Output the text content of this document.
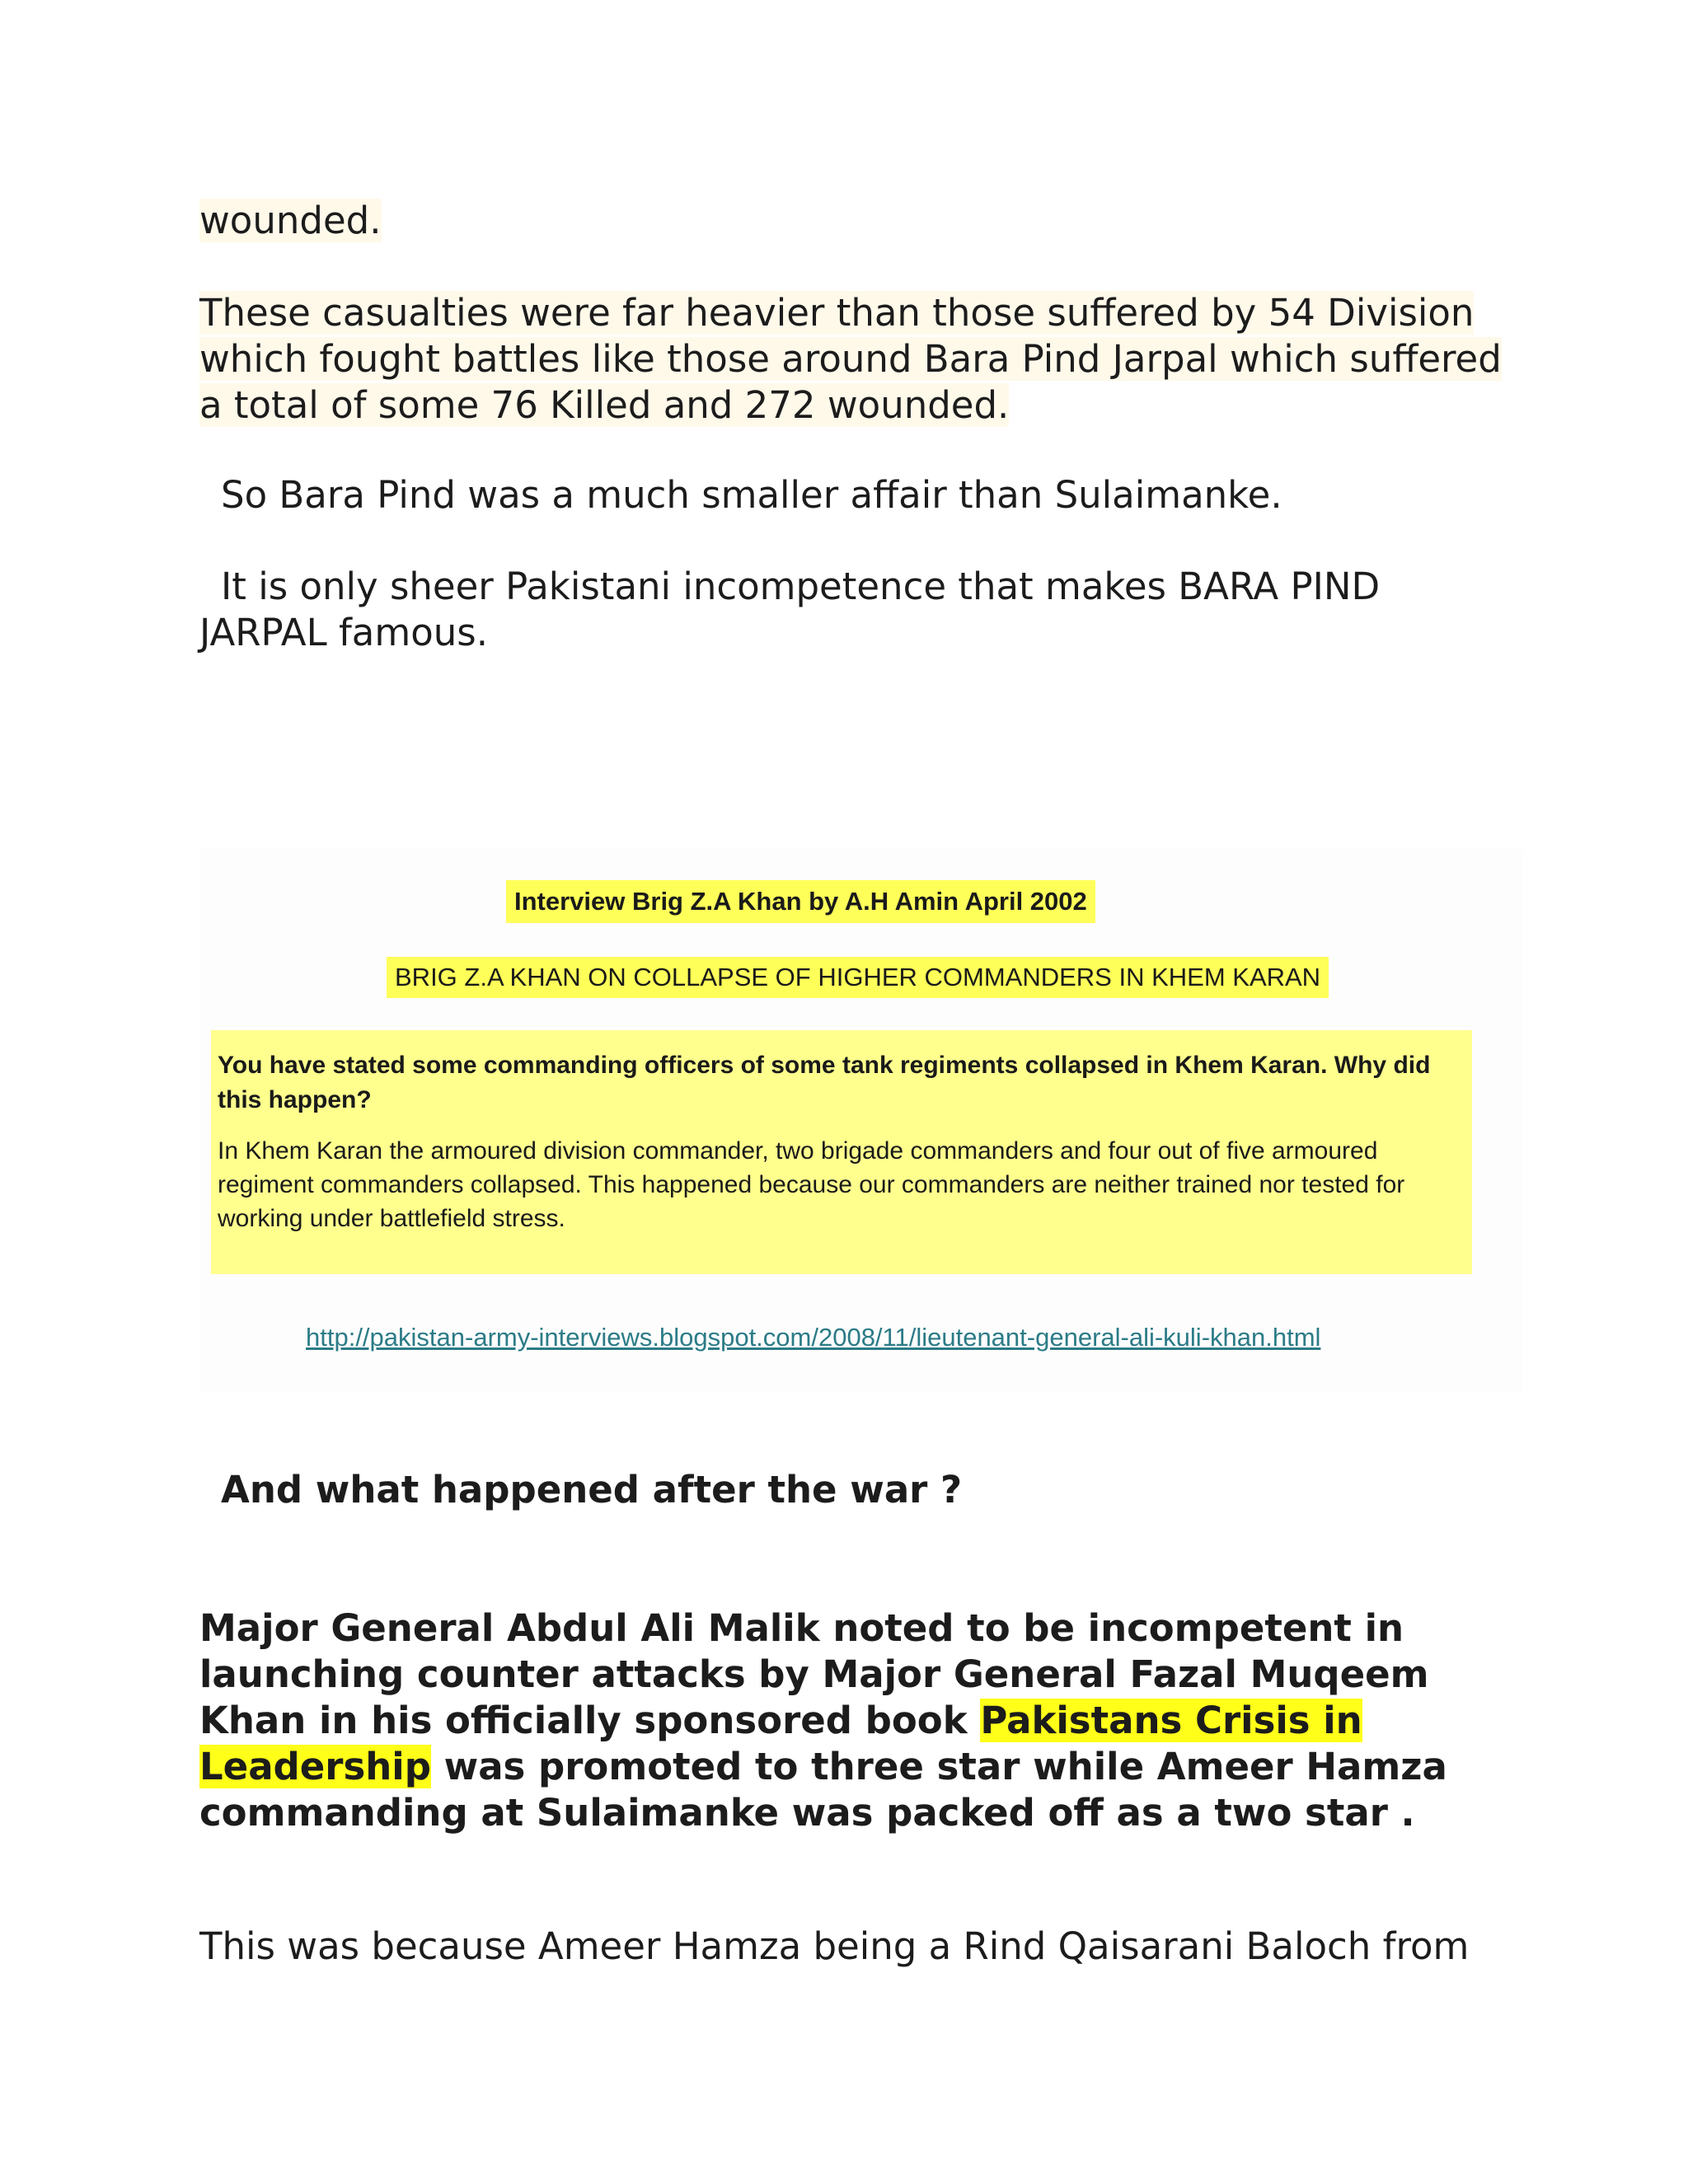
wounded.

These casualties were far heavier than those suffered by 54 Division which fought battles like those around Bara Pind Jarpal which suffered a total of some 76 Killed and 272 wounded.

So Bara Pind was a much smaller affair than Sulaimanke.

It is only sheer Pakistani incompetence that makes BARA PIND JARPAL famous.

Interview Brig Z.A Khan by A.H Amin April 2002
BRIG Z.A KHAN ON COLLAPSE OF HIGHER COMMANDERS IN KHEM KARAN
You have stated some commanding officers of some tank regiments collapsed in Khem Karan. Why did this happen?
In Khem Karan the armoured division commander, two brigade commanders and four out of five armoured regiment commanders collapsed. This happened because our commanders are neither trained nor tested for working under battlefield stress.
http://pakistan-army-interviews.blogspot.com/2008/11/lieutenant-general-ali-kuli-khan.html

And what happened after the war ?

Major General Abdul Ali Malik noted to be incompetent in launching counter attacks by Major General Fazal Muqeem Khan in his officially sponsored book Pakistans Crisis in Leadership was promoted to three star while Ameer Hamza commanding at Sulaimanke was packed off as a two star .

This was because Ameer Hamza being a Rind Qaisarani Baloch from
